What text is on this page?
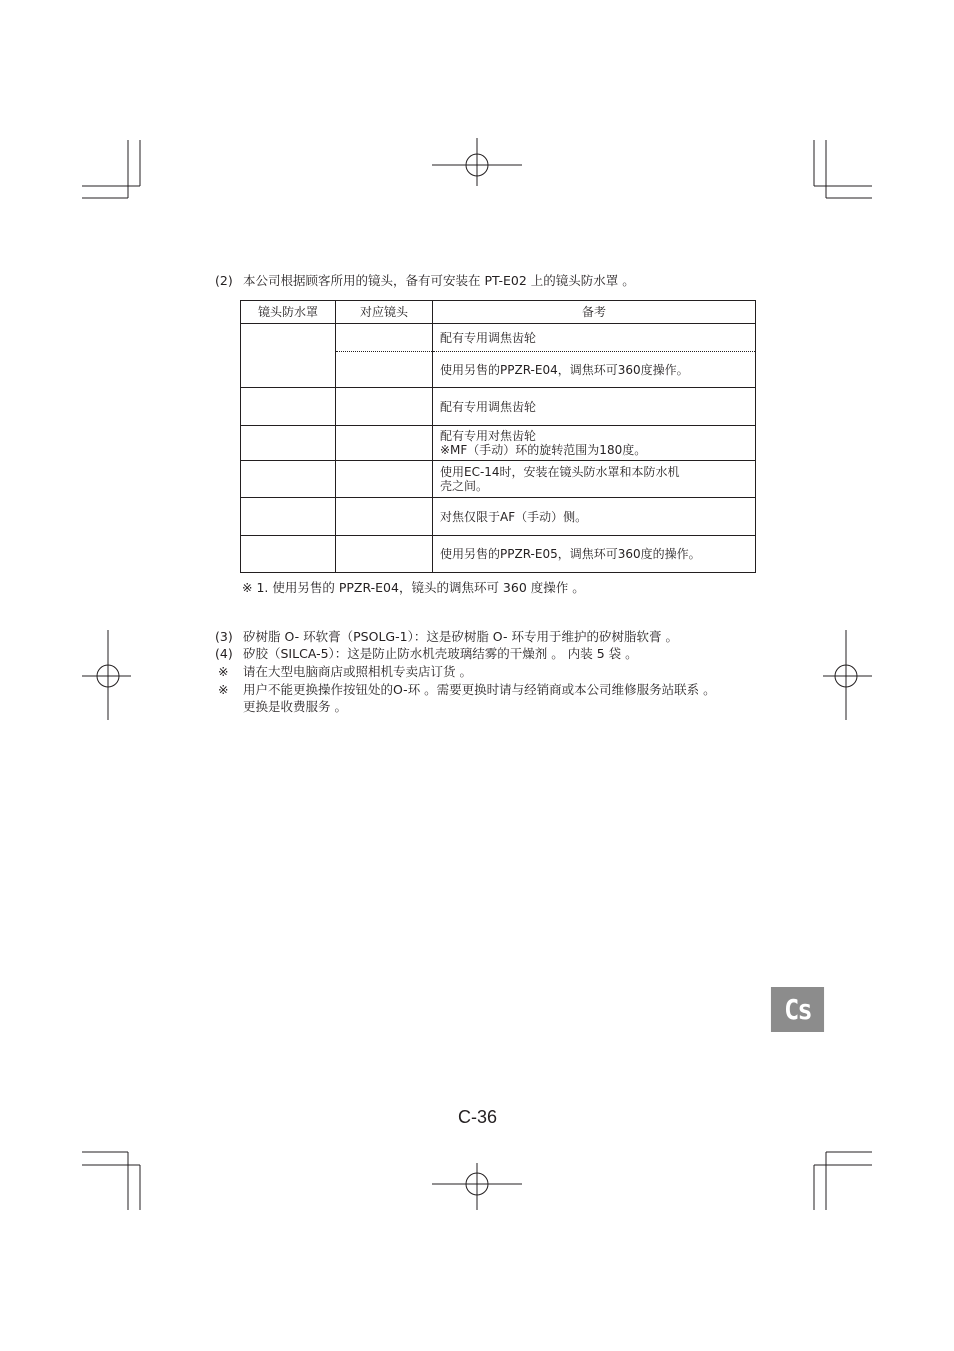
(2) 本公司根据顾客所用的镜头，备有可安装在 PT-E02 上的镜头防水罩 。
镜头防水罩	对应镜头	备考
		配有专用调焦齿轮
		使用另售的PPZR-E04，调焦环可360度操作。
		配有专用调焦齿轮

		配有专用对焦齿轮
※MF（手动）环的旋转范围为180度。

		使用EC-14时，安装在镜头防水罩和本防水机
壳之间。

		对焦仅限于AF（手动）侧。
		使用另售的PPZR-E05，调焦环可360度的操作。
※ 1. 使用另售的 PPZR-E04，镜头的调焦环可 360 度操作 。
(3) 矽树脂 O- 环软膏（PSOLG-1）：这是矽树脂 O- 环专用于维护的矽树脂软膏 。
(4) 矽胶（SILCA-5）：这是防止防水机壳玻璃结雾的干燥剂 。 内装 5 袋 。
※ 请在大型电脑商店或照相机专卖店订货 。
※ 用户不能更换操作按钮处的O-环 。需要更换时请与经销商或本公司维修服务站联系 。
更换是收费服务 。
Cs
C-36
